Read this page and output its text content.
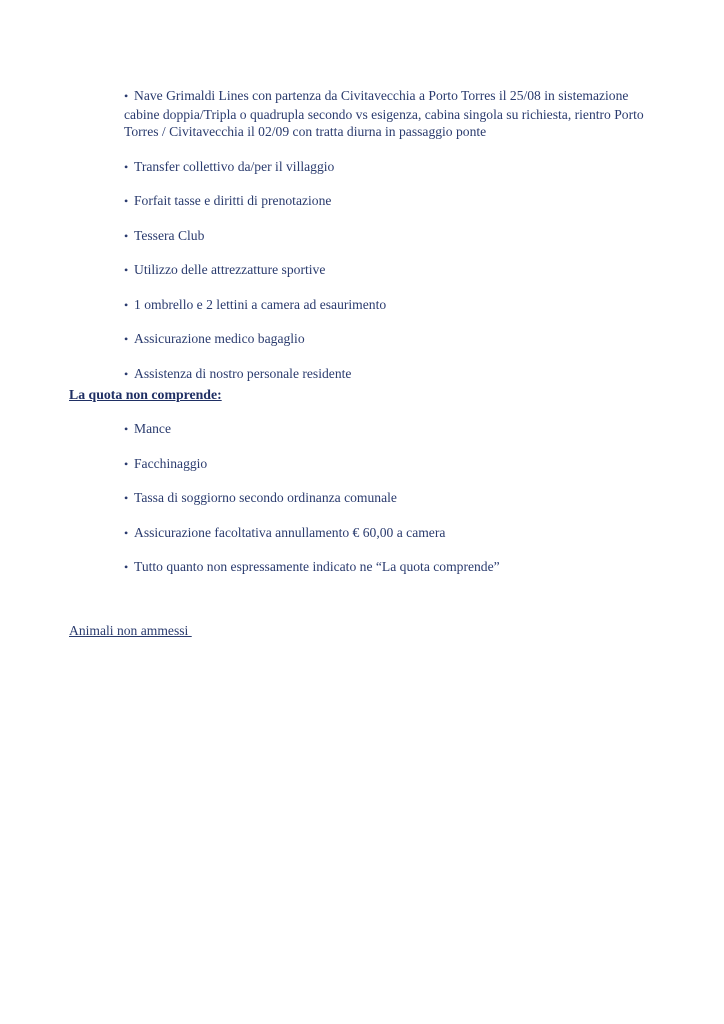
• Nave Grimaldi Lines con partenza da Civitavecchia a Porto Torres il 25/08 in sistemazione cabine doppia/Tripla o quadrupla secondo vs esigenza, cabina singola su richiesta, rientro Porto Torres / Civitavecchia il 02/09 con tratta diurna in passaggio ponte
• Transfer collettivo da/per il villaggio
• Forfait tasse e diritti di prenotazione
• Tessera Club
• Utilizzo delle attrezzatture sportive
• 1 ombrello e 2 lettini a camera ad esaurimento
• Assicurazione medico bagaglio
• Assistenza di nostro personale residente
La quota non comprende:
• Mance
• Facchinaggio
• Tassa di soggiorno secondo ordinanza comunale
• Assicurazione facoltativa annullamento € 60,00 a camera
• Tutto quanto non espressamente indicato ne “La quota comprende”
Animali non ammessi
